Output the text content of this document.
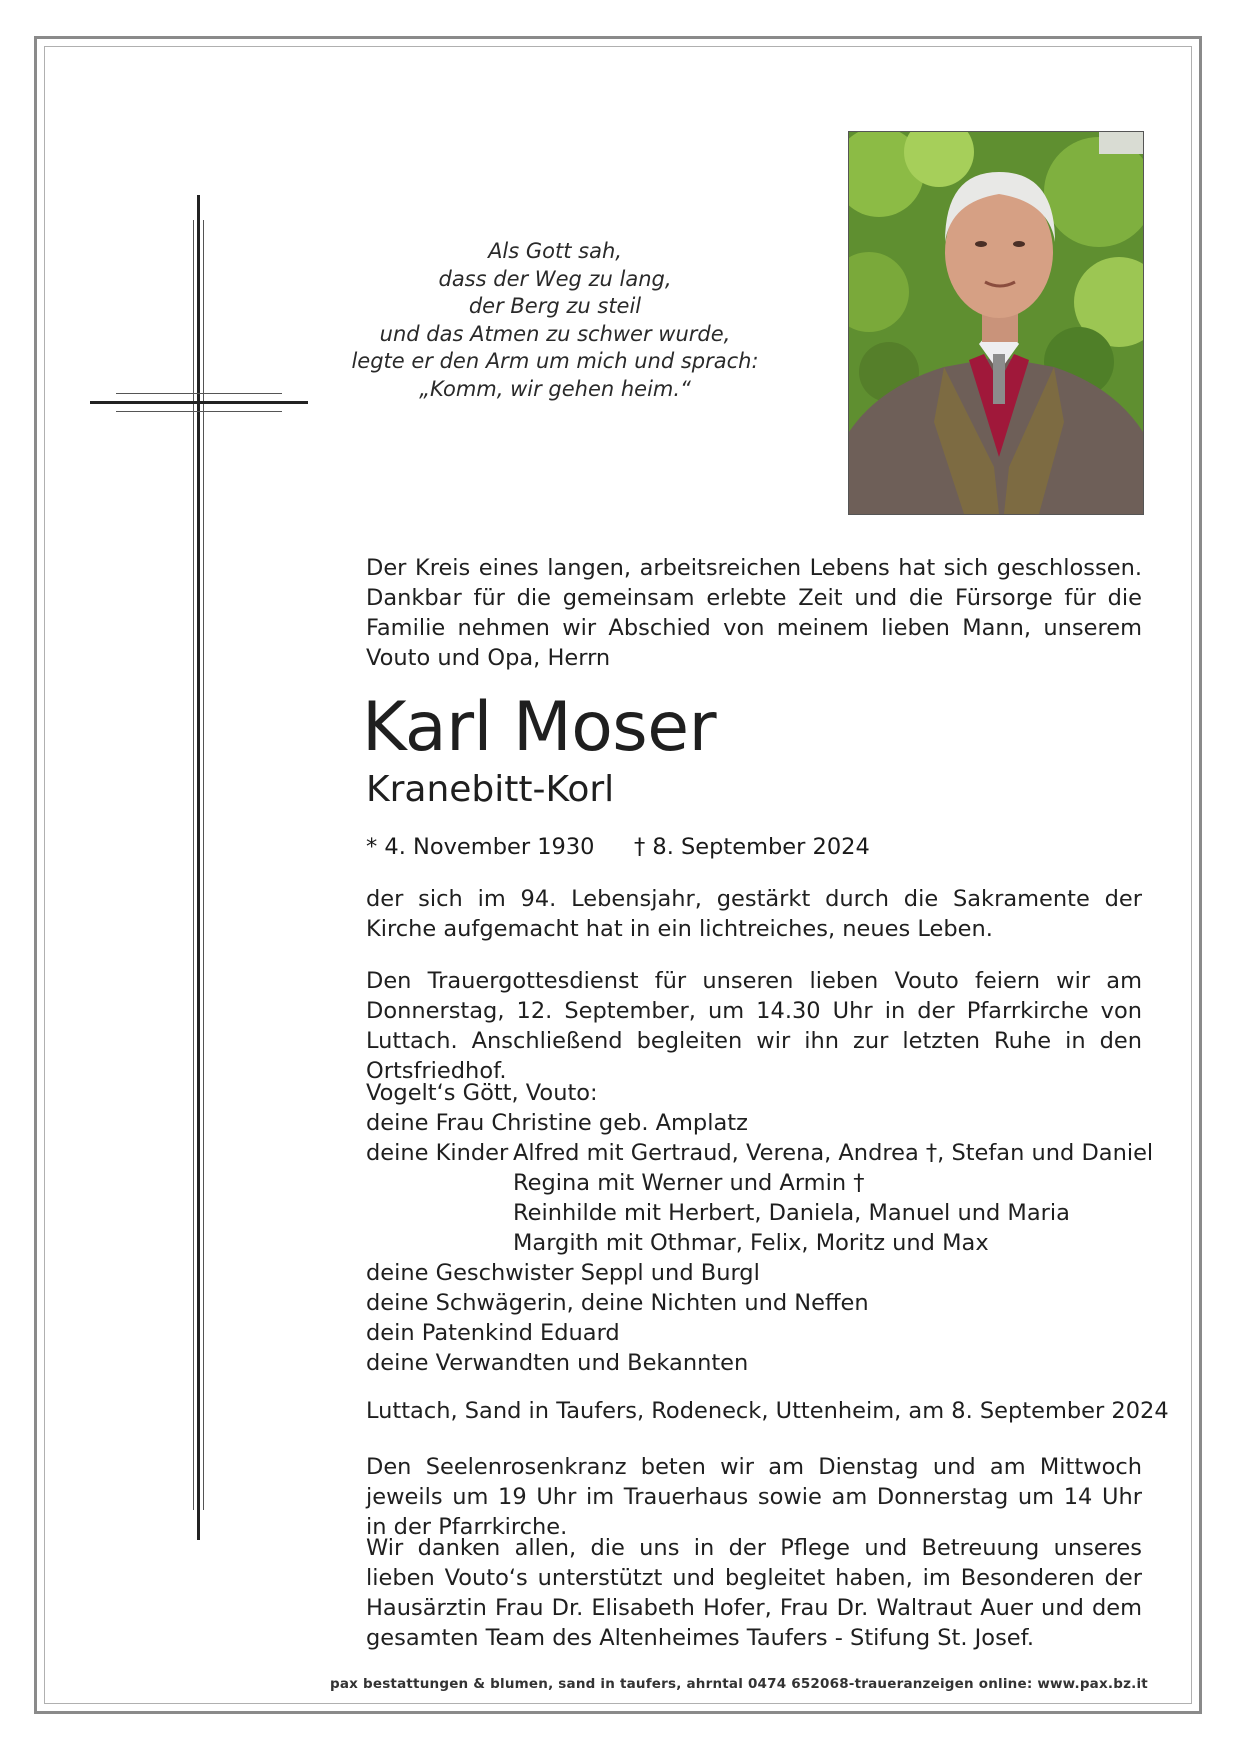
Als Gott sah,
dass der Weg zu lang,
der Berg zu steil
und das Atmen zu schwer wurde,
legte er den Arm um mich und sprach:
„Komm, wir gehen heim.“
Der Kreis eines langen, arbeitsreichen Lebens hat sich geschlossen. Dankbar für die gemeinsam erlebte Zeit und die Fürsorge für die Familie nehmen wir Abschied von meinem lieben Mann, unserem Vouto und Opa, Herrn
Karl Moser
Kranebitt-Korl
* 4. November 1930 † 8. September 2024
der sich im 94. Lebensjahr, gestärkt durch die Sakramente der Kirche aufgemacht hat in ein lichtreiches, neues Leben.
Den Trauergottesdienst für unseren lieben Vouto feiern wir am Donnerstag, 12. September, um 14.30 Uhr in der Pfarrkirche von Luttach. Anschließend begleiten wir ihn zur letzten Ruhe in den Ortsfriedhof.
Vogelt‘s Gött, Vouto:
deine Frau Christine geb. Amplatz
deine Kinder Alfred mit Gertraud, Verena, Andrea †, Stefan und Daniel
Regina mit Werner und Armin †
Reinhilde mit Herbert, Daniela, Manuel und Maria
Margith mit Othmar, Felix, Moritz und Max
deine Geschwister Seppl und Burgl
deine Schwägerin, deine Nichten und Neffen
dein Patenkind Eduard
deine Verwandten und Bekannten
Luttach, Sand in Taufers, Rodeneck, Uttenheim, am 8. September 2024
Den Seelenrosenkranz beten wir am Dienstag und am Mittwoch jeweils um 19 Uhr im Trauerhaus sowie am Donnerstag um 14 Uhr in der Pfarrkirche.
Wir danken allen, die uns in der Pflege und Betreuung unseres lieben Vouto‘s unterstützt und begleitet haben, im Besonderen der Hausärztin Frau Dr. Elisabeth Hofer, Frau Dr. Waltraut Auer und dem gesamten Team des Altenheimes Taufers - Stifung St. Josef.
pax bestattungen & blumen, sand in taufers, ahrntal 0474 652068-traueranzeigen online: www.pax.bz.it
